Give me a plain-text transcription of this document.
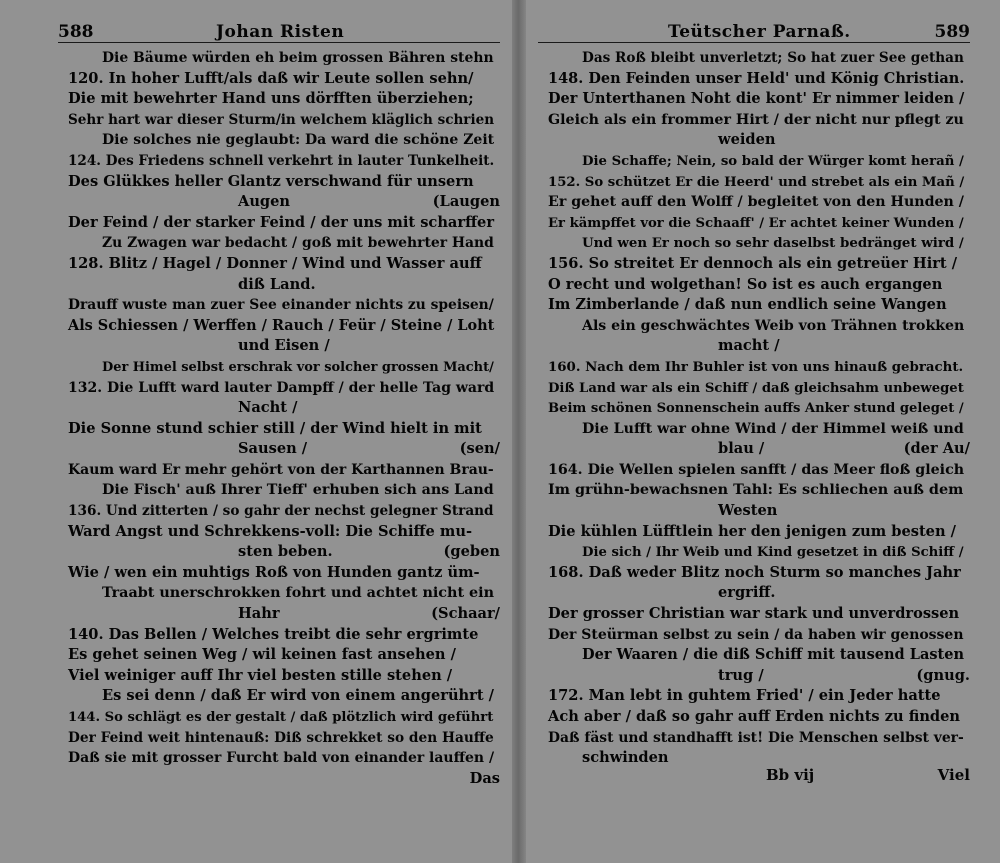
588	Johan Risten
Die Bäume würden eh beim grossen Bähren stehn
120. In hoher Lufft/als daß wir Leute sollen sehn/
Die mit bewehrter Hand uns dörfften überziehen;
Sehr hart war dieser Sturm/in welchem kläglich schrien
Die solches nie geglaubt: Da ward die schöne Zeit
124. Des Friedens schnell verkehrt in lauter Tunkelheit.
Des Glükkes heller Glantz verschwand für unsern
(Laugen
Augen
Der Feind / der starker Feind / der uns mit scharffer
Zu Zwagen war bedacht / goß mit bewehrter Hand
128. Blitz / Hagel / Donner / Wind und Wasser auff
diß Land.
Drauff wuste man zuer See einander nichts zu speisen/
Als Schiessen / Werffen / Rauch / Feür / Steine / Loht
und Eisen /
Der Himel selbst erschrak vor solcher grossen Macht/
132. Die Lufft ward lauter Dampff / der helle Tag ward
Nacht /
Die Sonne stund schier still / der Wind hielt in mit
(sen/
Sausen /
Kaum ward Er mehr gehört von der Karthannen Brau-
Die Fisch' auß Ihrer Tieff' erhuben sich ans Land
136. Und zitterten / so gahr der nechst gelegner Strand
Ward Angst und Schrekkens-voll: Die Schiffe mu-
(geben
sten beben.
Wie / wen ein muhtigs Roß von Hunden gantz üm-
Traabt unerschrokken fohrt und achtet nicht ein
(Schaar/
Hahr
140. Das Bellen / Welches treibt die sehr ergrimte
Es gehet seinen Weg / wil keinen fast ansehen /
Viel weiniger auff Ihr viel besten stille stehen /
Es sei denn / daß Er wird von einem angerührt /
144. So schlägt es der gestalt / daß plötzlich wird geführt
Der Feind weit hintenauß: Diß schrekket so den Hauffe
Daß sie mit grosser Furcht bald von einander lauffen /
Das
Teütscher Parnaß.	589
Das Roß bleibt unverletzt; So hat zuer See gethan
148. Den Feinden unser Held' und König Christian.
Der Unterthanen Noht die kont' Er nimmer leiden /
Gleich als ein frommer Hirt / der nicht nur pflegt zu
weiden
Die Schaffe; Nein, so bald der Würger komt herañ /
152. So schützet Er die Heerd' und strebet als ein Mañ /
Er gehet auff den Wolff / begleitet von den Hunden /
Er kämpffet vor die Schaaff' / Er achtet keiner Wunden /
Und wen Er noch so sehr daselbst bedränget wird /
156. So streitet Er dennoch als ein getreüer Hirt /
O recht und wolgethan! So ist es auch ergangen
Im Zimberlande / daß nun endlich seine Wangen
Als ein geschwächtes Weib von Trähnen trokken
macht /
160. Nach dem Ihr Buhler ist von uns hinauß gebracht.
Diß Land war als ein Schiff / daß gleichsahm unbeweget
Beim schönen Sonnenschein auffs Anker stund geleget /
Die Lufft war ohne Wind / der Himmel weiß und
(der Au/
blau /
164. Die Wellen spielen sanfft / das Meer floß gleich
Im grühn-bewachsnen Tahl: Es schliechen auß dem
Westen
Die kühlen Lüfftlein her den jenigen zum besten /
Die sich / Ihr Weib und Kind gesetzet in diß Schiff /
168. Daß weder Blitz noch Sturm so manches Jahr
ergriff.
Der grosser Christian war stark und unverdrossen
Der Steürman selbst zu sein / da haben wir genossen
Der Waaren / die diß Schiff mit tausend Lasten
(gnug.
trug /
172. Man lebt in guhtem Fried' / ein Jeder hatte
Ach aber / daß so gahr auff Erden nichts zu finden
Daß fäst und standhafft ist! Die Menschen selbst ver-
schwinden
Bb vij	Viel
